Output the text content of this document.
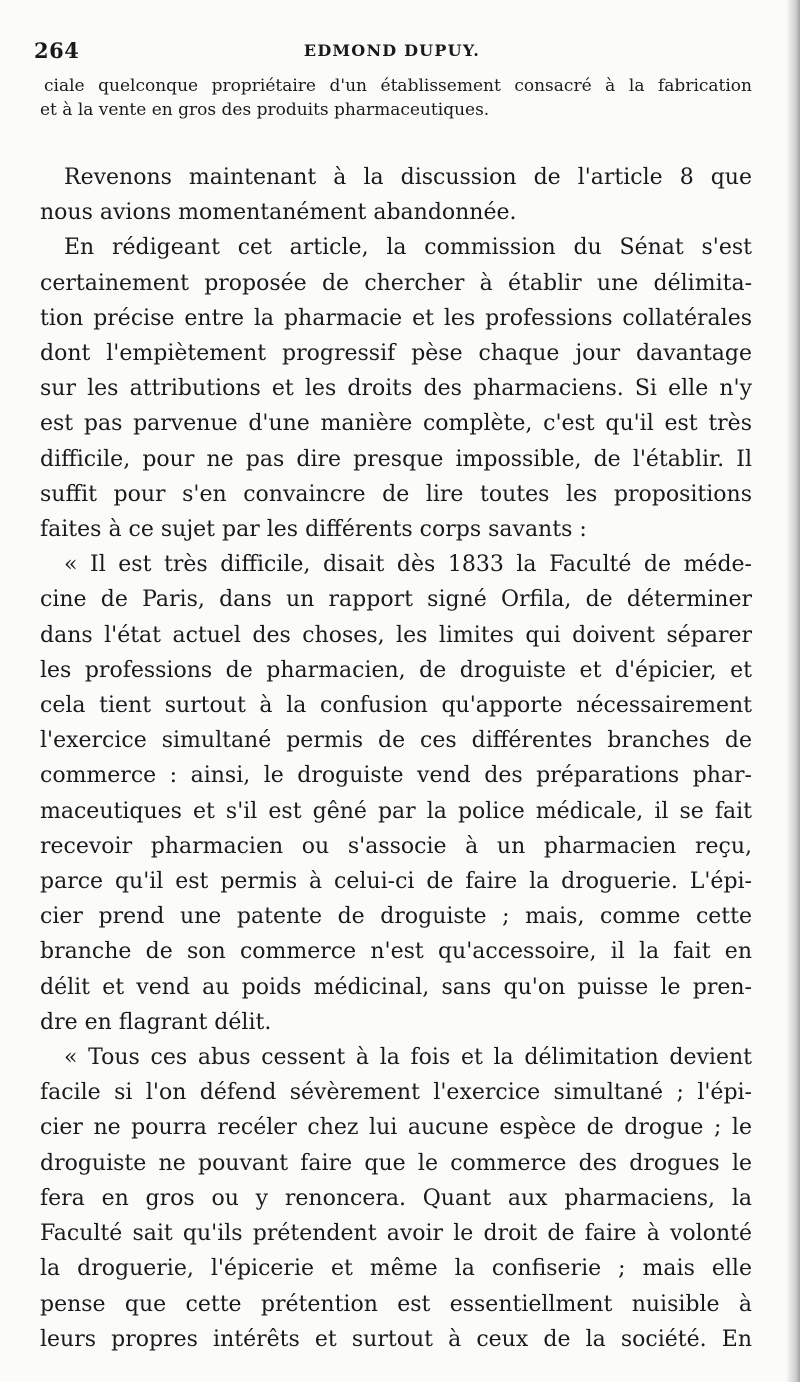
264	EDMOND DUPUY.
ciale quelconque propriétaire d'un établissement consacré à la fabrication
et à la vente en gros des produits pharmaceutiques.
Revenons maintenant à la discussion de l'article 8 que
nous avions momentanément abandonnée.
En rédigeant cet article, la commission du Sénat s'est
certainement proposée de chercher à établir une délimita-
tion précise entre la pharmacie et les professions collatérales
dont l'empiètement progressif pèse chaque jour davantage
sur les attributions et les droits des pharmaciens. Si elle n'y
est pas parvenue d'une manière complète, c'est qu'il est très
difficile, pour ne pas dire presque impossible, de l'établir. Il
suffit pour s'en convaincre de lire toutes les propositions
faites à ce sujet par les différents corps savants :
« Il est très difficile, disait dès 1833 la Faculté de méde-
cine de Paris, dans un rapport signé Orfila, de déterminer
dans l'état actuel des choses, les limites qui doivent séparer
les professions de pharmacien, de droguiste et d'épicier, et
cela tient surtout à la confusion qu'apporte nécessairement
l'exercice simultané permis de ces différentes branches de
commerce : ainsi, le droguiste vend des préparations phar-
maceutiques et s'il est gêné par la police médicale, il se fait
recevoir pharmacien ou s'associe à un pharmacien reçu,
parce qu'il est permis à celui-ci de faire la droguerie. L'épi-
cier prend une patente de droguiste ; mais, comme cette
branche de son commerce n'est qu'accessoire, il la fait en
délit et vend au poids médicinal, sans qu'on puisse le pren-
dre en flagrant délit.
« Tous ces abus cessent à la fois et la délimitation devient
facile si l'on défend sévèrement l'exercice simultané ; l'épi-
cier ne pourra recéler chez lui aucune espèce de drogue ; le
droguiste ne pouvant faire que le commerce des drogues le
fera en gros ou y renoncera. Quant aux pharmaciens, la
Faculté sait qu'ils prétendent avoir le droit de faire à volonté
la droguerie, l'épicerie et même la confiserie ; mais elle
pense que cette prétention est essentiellment nuisible à
leurs propres intérêts et surtout à ceux de la société. En
